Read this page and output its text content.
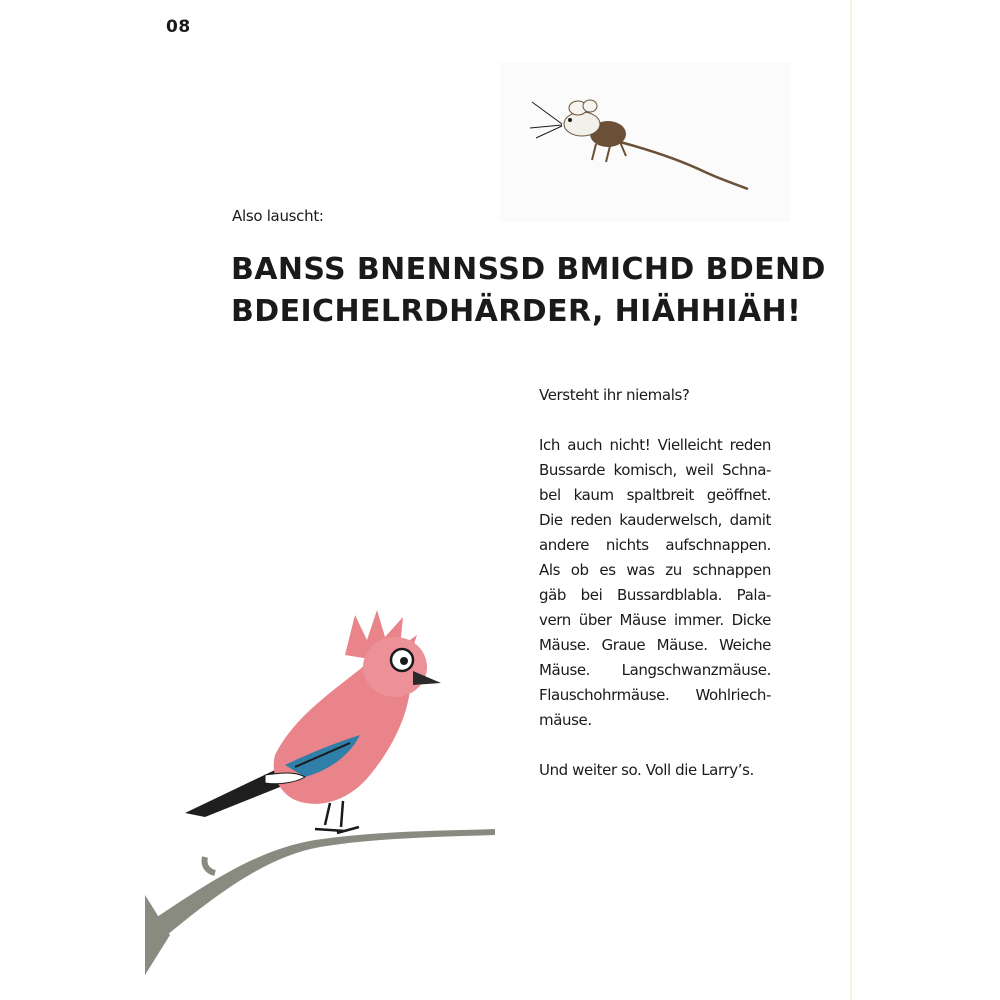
08
Also lauscht:
BANSS BNENNSSD BMICHD BDEND
BDEICHELRDHÄRDER, HIÄHHIÄH!
Versteht ihr niemals?
Ich auch nicht! Vielleicht reden
Bussarde komisch, weil Schna-
bel kaum spaltbreit geöffnet.
Die reden kauderwelsch, damit
andere nichts aufschnappen.
Als ob es was zu schnappen
gäb bei Bussardblabla. Pala-
vern über Mäuse immer. Dicke
Mäuse. Graue Mäuse. Weiche
Mäuse. Langschwanzmäuse.
Flauschohrmäuse. Wohlriech-
mäuse.
Und weiter so. Voll die Larry’s.
